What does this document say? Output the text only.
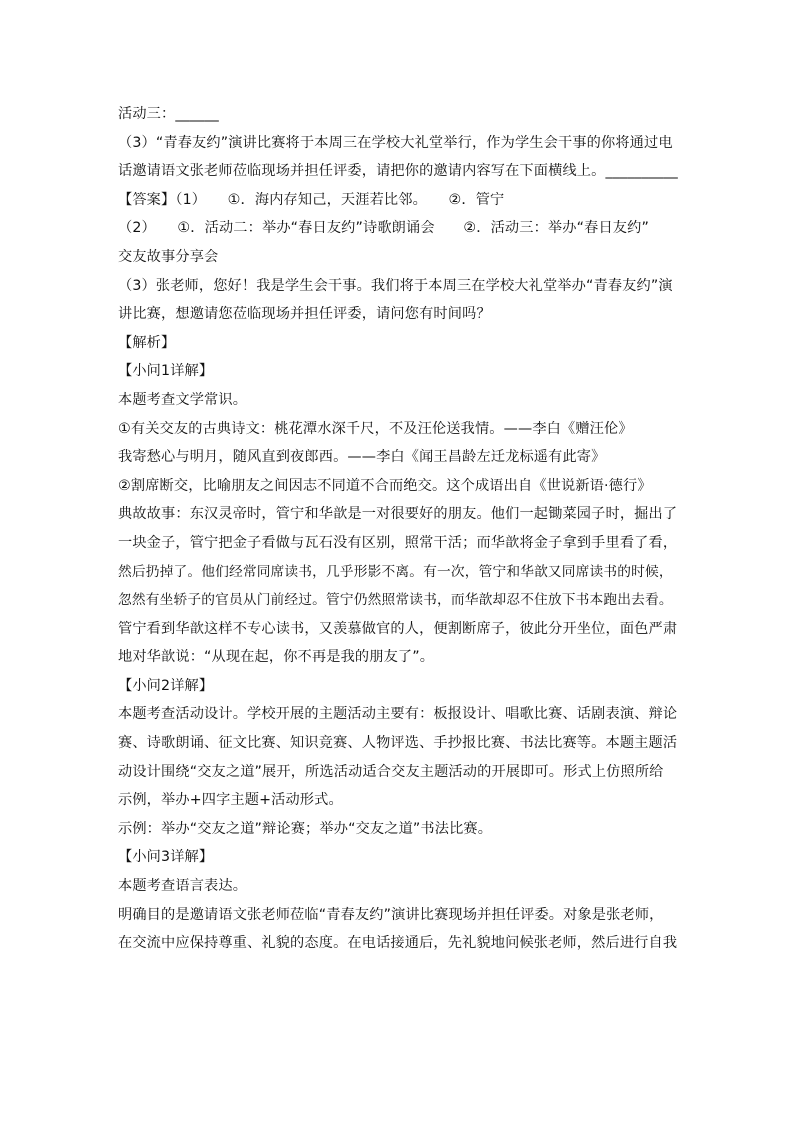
活动三：______
（3）“青春友约”演讲比赛将于本周三在学校大礼堂举行，作为学生会干事的你将通过电
话邀请语文张老师莅临现场并担任评委，请把你的邀请内容写在下面横线上。__________
【答案】（1）　　①．海内存知己，天涯若比邻。　　②．管宁
（2）　　①．活动二：举办“春日友约”诗歌朗诵会　　②．活动三：举办“春日友约”
交友故事分享会
（3）张老师，您好！我是学生会干事。我们将于本周三在学校大礼堂举办“青春友约”演
讲比赛，想邀请您莅临现场并担任评委，请问您有时间吗？
【解析】
【小问1详解】
本题考查文学常识。
①有关交友的古典诗文：桃花潭水深千尺，不及汪伦送我情。——李白《赠汪伦》
我寄愁心与明月，随风直到夜郎西。——李白《闻王昌龄左迁龙标遥有此寄》
②割席断交，比喻朋友之间因志不同道不合而绝交。这个成语出自《世说新语·德行》
典故故事：东汉灵帝时，管宁和华歆是一对很要好的朋友。他们一起锄菜园子时，掘出了
一块金子，管宁把金子看做与瓦石没有区别，照常干活；而华歆将金子拿到手里看了看，
然后扔掉了。他们经常同席读书，几乎形影不离。有一次，管宁和华歆又同席读书的时候，
忽然有坐轿子的官员从门前经过。管宁仍然照常读书，而华歆却忍不住放下书本跑出去看。
管宁看到华歆这样不专心读书，又羡慕做官的人，便割断席子，彼此分开坐位，面色严肃
地对华歆说：“从现在起，你不再是我的朋友了”。
【小问2详解】
本题考查活动设计。学校开展的主题活动主要有：板报设计、唱歌比赛、话剧表演、辩论
赛、诗歌朗诵、征文比赛、知识竞赛、人物评选、手抄报比赛、书法比赛等。本题主题活
动设计围绕“交友之道”展开，所选活动适合交友主题活动的开展即可。形式上仿照所给
示例，举办+四字主题+活动形式。
示例：举办“交友之道”辩论赛；举办“交友之道”书法比赛。
【小问3详解】
本题考查语言表达。
明确目的是邀请语文张老师莅临“青春友约”演讲比赛现场并担任评委。对象是张老师，
在交流中应保持尊重、礼貌的态度。在电话接通后，先礼貌地问候张老师，然后进行自我
